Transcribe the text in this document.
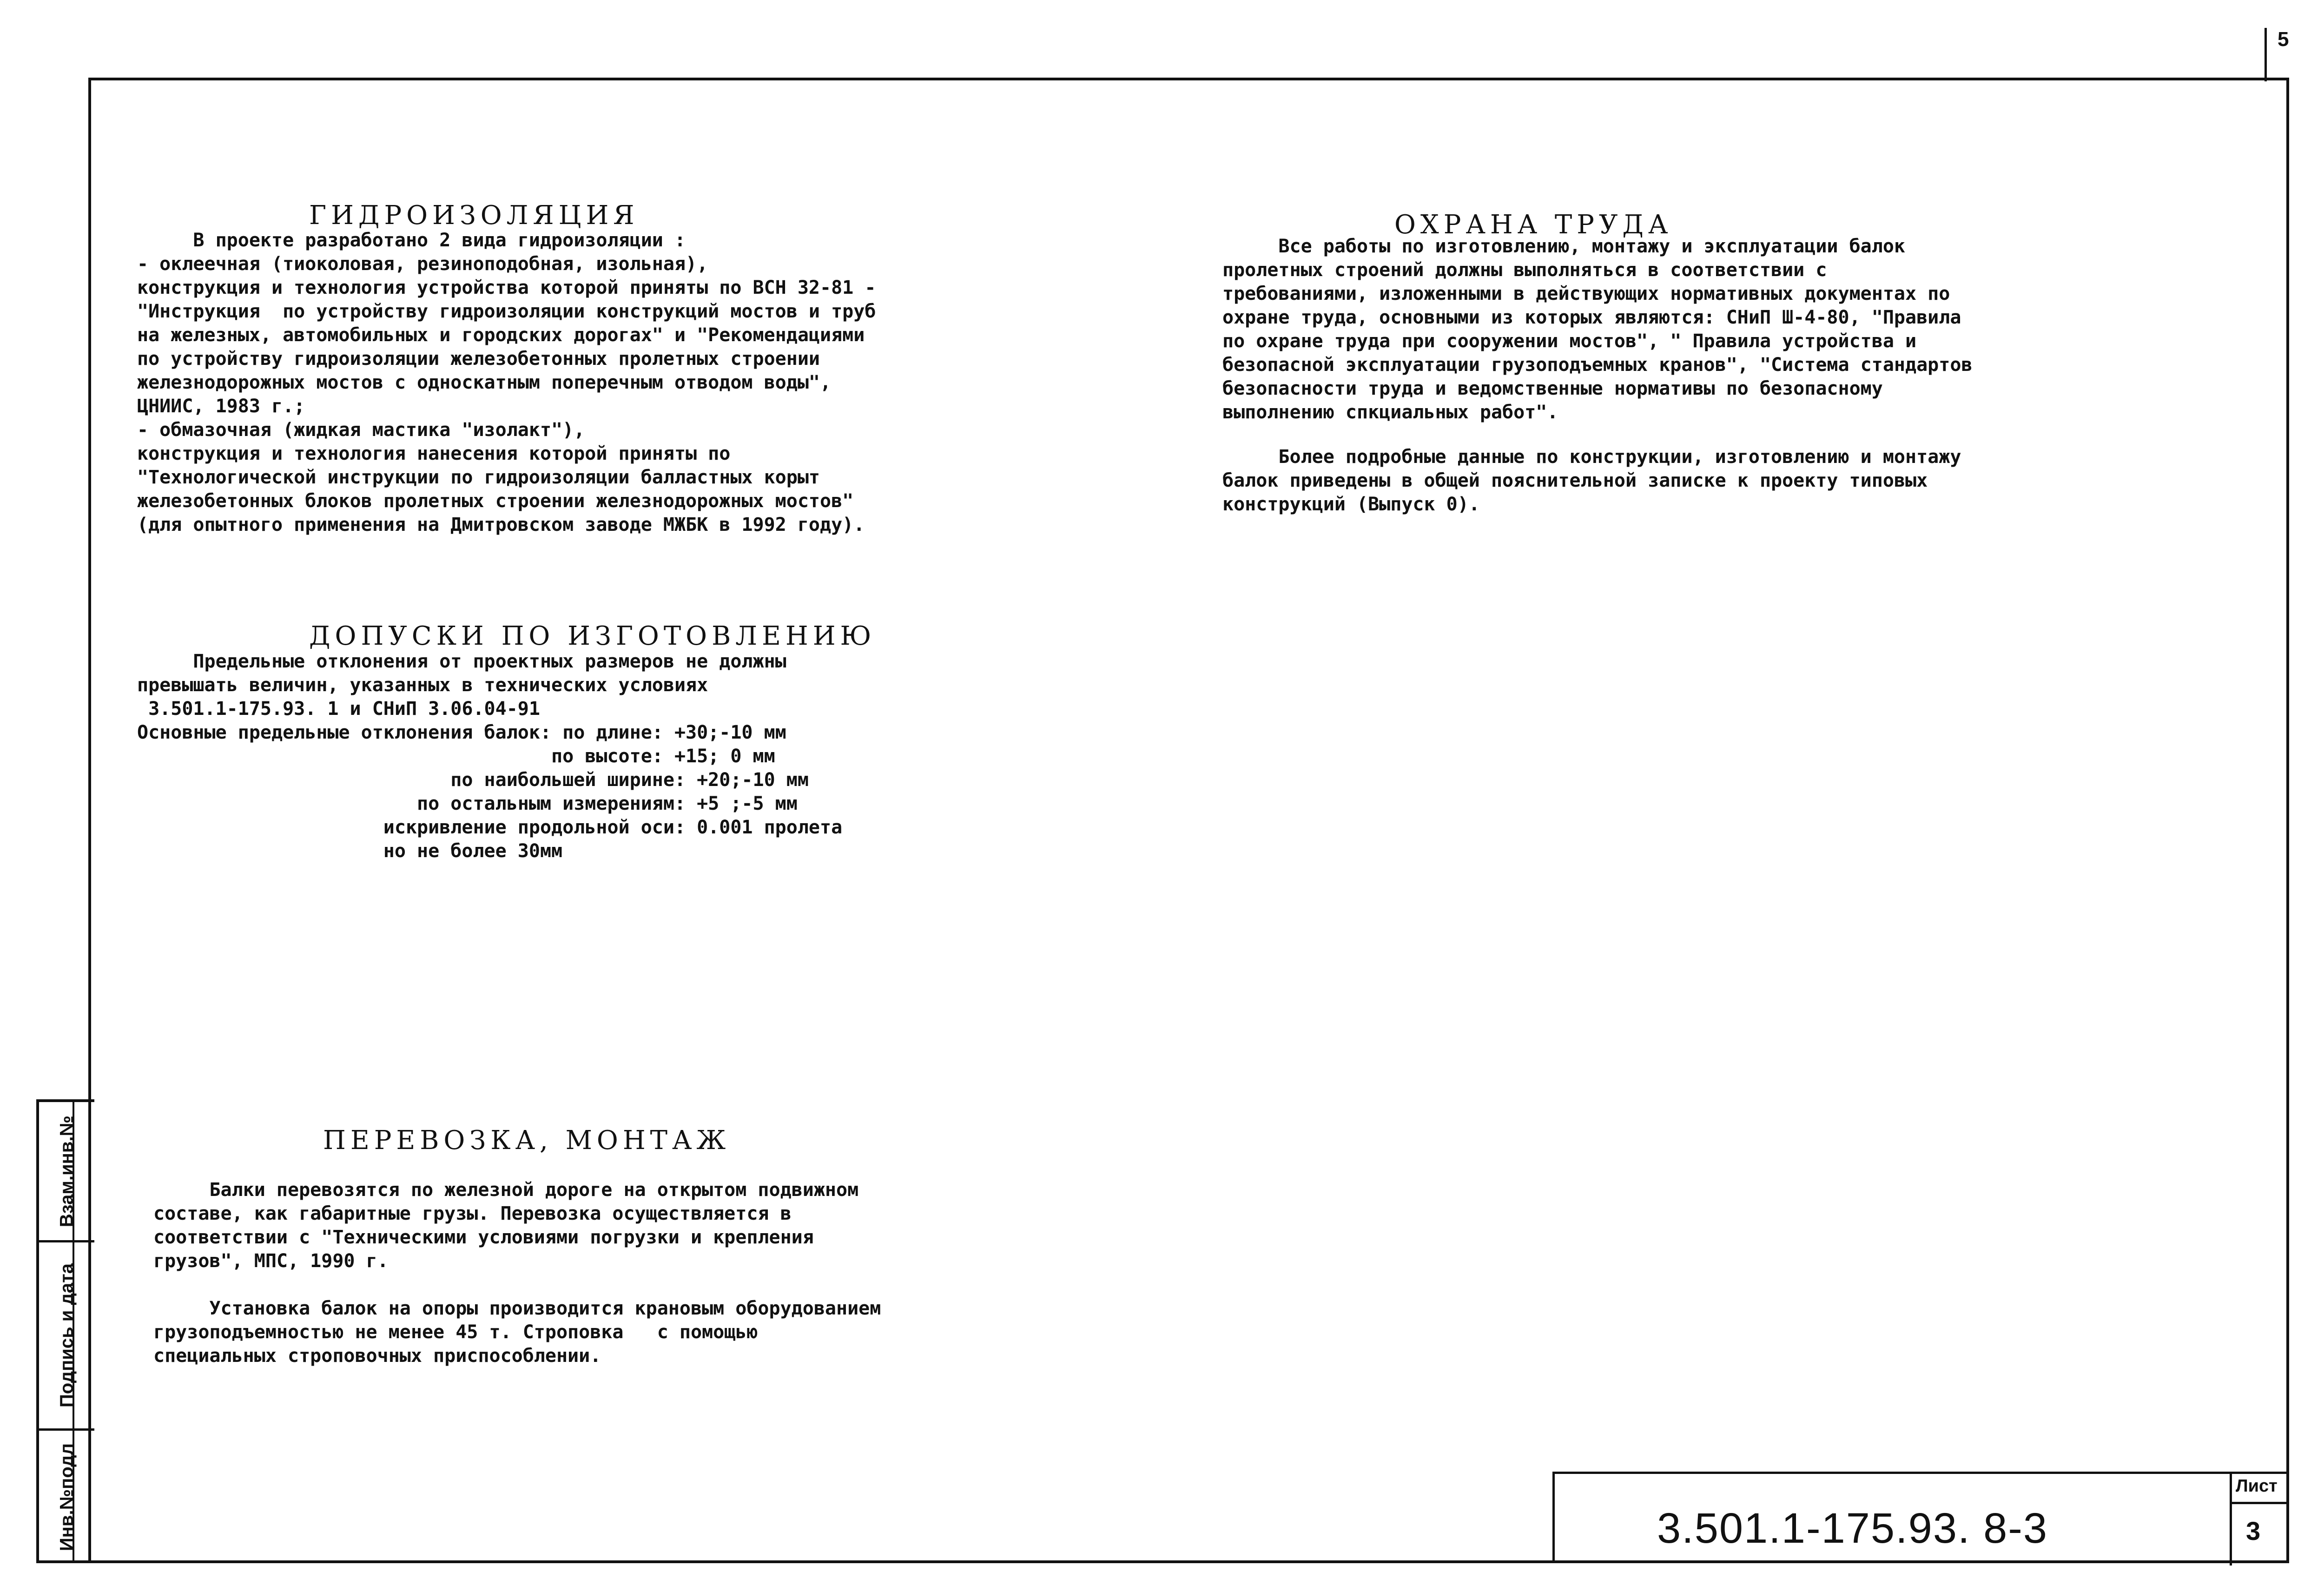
5
Взам.инв.№
Подпись и дата
Инв.№подл
ГИДРОИЗОЛЯЦИЯ
В проекте разработано 2 вида гидроизоляции :
- оклеечная (тиоколовая, резиноподобная, изольная),
конструкция и технология устройства которой приняты по ВСН 32-81 -
"Инструкция  по устройству гидроизоляции конструкций мостов и труб
на железных, автомобильных и городских дорогах" и "Рекомендациями
по устройству гидроизоляции железобетонных пролетных строении
железнодорожных мостов с односкатным поперечным отводом воды",
ЦНИИС, 1983 г.;
- обмазочная (жидкая мастика "изолакт"),
конструкция и технология нанесения которой приняты по
"Технологической инструкции по гидроизоляции балластных корыт
железобетонных блоков пролетных строении железнодорожных мостов"
(для опытного применения на Дмитровском заводе МЖБК в 1992 году).
ДОПУСКИ ПО ИЗГОТОВЛЕНИЮ
Предельные отклонения от проектных размеров не должны
превышать величин, указанных в технических условиях
3.501.1-175.93. 1 и СНиП 3.06.04-91
Основные предельные отклонения балок: по длине: +30;-10 мм
по высоте: +15; 0 мм
по наибольшей ширине: +20;-10 мм
по остальным измерениям: +5 ;-5 мм
искривление продольной оси: 0.001 пролета
но не более 30мм
ПЕРЕВОЗКА, МОНТАЖ
Балки перевозятся по железной дороге на открытом подвижном
составе, как габаритные грузы. Перевозка осуществляется в
соответствии с "Техническими условиями погрузки и крепления
грузов", МПС, 1990 г.
Установка балок на опоры производится крановым оборудованием
грузоподъемностью не менее 45 т. Строповка   с помощью
специальных строповочных приспособлении.
ОХРАНА ТРУДА
Все работы по изготовлению, монтажу и эксплуатации балок
пролетных строений должны выполняться в соответствии с
требованиями, изложенными в действующих нормативных документах по
охране труда, основными из которых являются: СНиП Ш-4-80, "Правила
по охране труда при сооружении мостов", " Правила устройства и
безопасной эксплуатации грузоподъемных кранов", "Система стандартов
безопасности труда и ведомственные нормативы по безопасному
выполнению спкциальных работ".
Более подробные данные по конструкции, изготовлению и монтажу
балок приведены в общей пояснительной записке к проекту типовых
конструкций (Выпуск 0).
3.501.1-175.93. 8-3
Лист
3
